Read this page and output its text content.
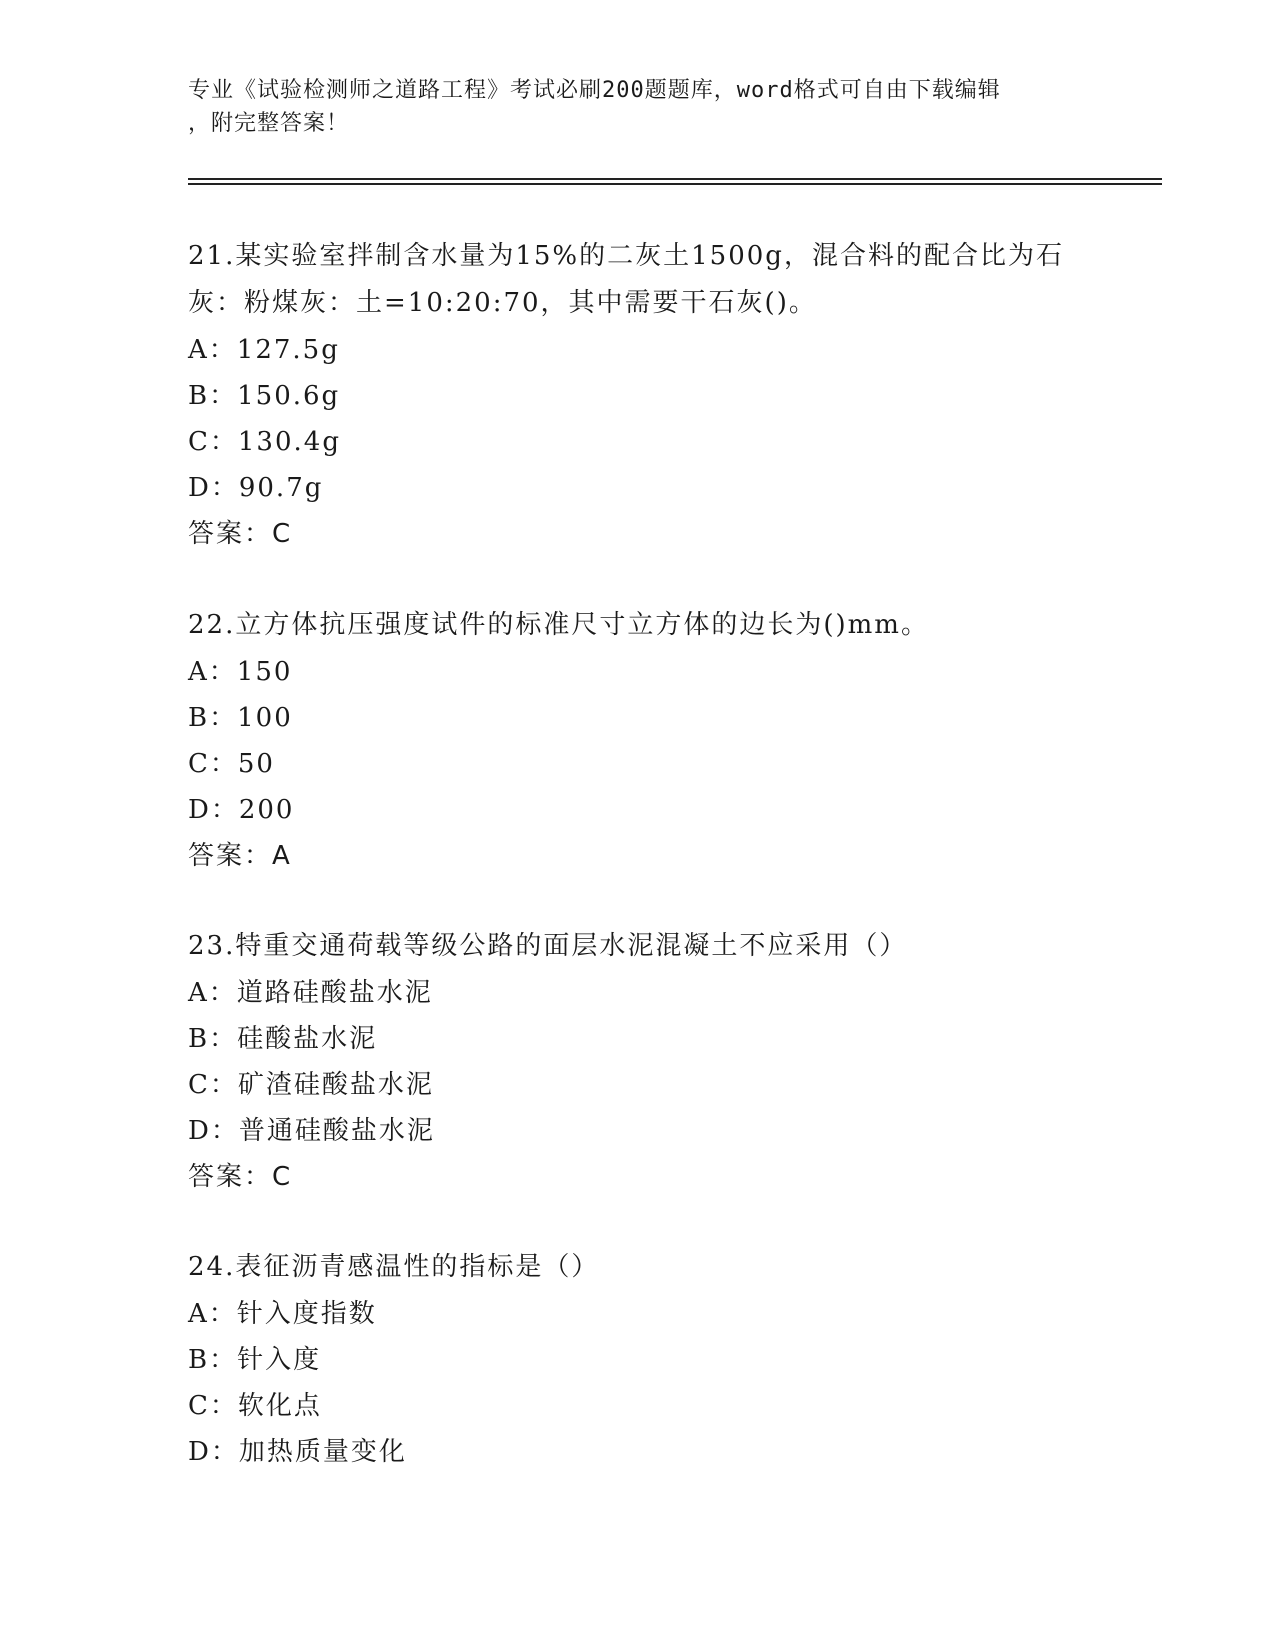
专业《试验检测师之道路工程》考试必刷200题题库，word格式可自由下载编辑
，附完整答案！
21.某实验室拌制含水量为15%的二灰土1500g，混合料的配合比为石
灰：粉煤灰：土=10:20:70，其中需要干石灰()。
A：127.5g
B：150.6g
C：130.4g
D：90.7g
答案：C
22.立方体抗压强度试件的标准尺寸立方体的边长为()mm。
A：150
B：100
C：50
D：200
答案：A
23.特重交通荷载等级公路的面层水泥混凝土不应采用（）
A：道路硅酸盐水泥
B：硅酸盐水泥
C：矿渣硅酸盐水泥
D：普通硅酸盐水泥
答案：C
24.表征沥青感温性的指标是（）
A：针入度指数
B：针入度
C：软化点
D：加热质量变化
